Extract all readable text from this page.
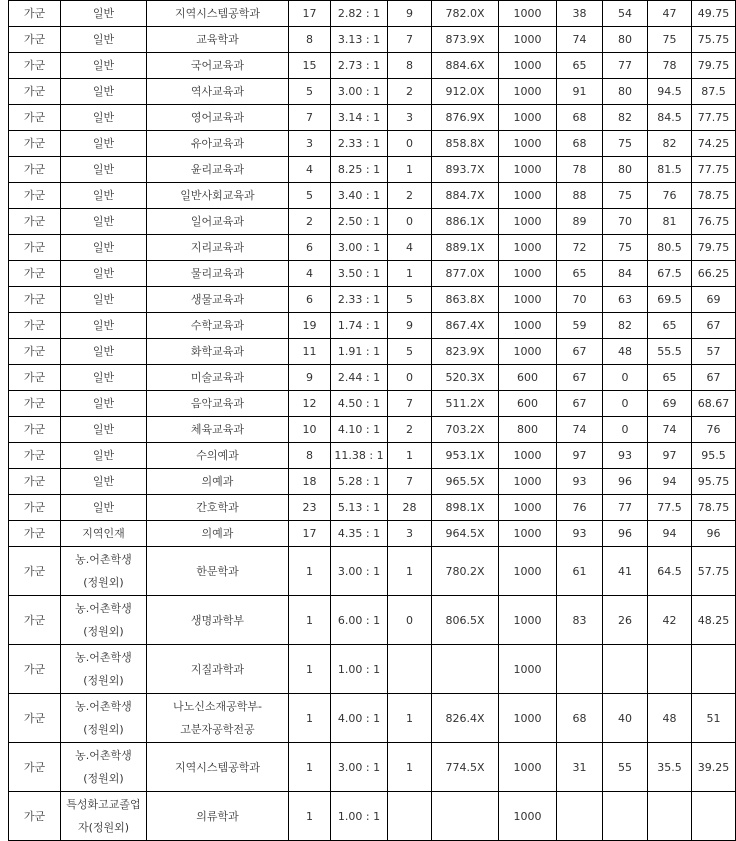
가군	일반	지역시스템공학과	17	2.82 : 1	9	782.0X	1000	38	54	47	49.75
가군	일반	교육학과	8	3.13 : 1	7	873.9X	1000	74	80	75	75.75
가군	일반	국어교육과	15	2.73 : 1	8	884.6X	1000	65	77	78	79.75
가군	일반	역사교육과	5	3.00 : 1	2	912.0X	1000	91	80	94.5	87.5
가군	일반	영어교육과	7	3.14 : 1	3	876.9X	1000	68	82	84.5	77.75
가군	일반	유아교육과	3	2.33 : 1	0	858.8X	1000	68	75	82	74.25
가군	일반	윤리교육과	4	8.25 : 1	1	893.7X	1000	78	80	81.5	77.75
가군	일반	일반사회교육과	5	3.40 : 1	2	884.7X	1000	88	75	76	78.75
가군	일반	일어교육과	2	2.50 : 1	0	886.1X	1000	89	70	81	76.75
가군	일반	지리교육과	6	3.00 : 1	4	889.1X	1000	72	75	80.5	79.75
가군	일반	물리교육과	4	3.50 : 1	1	877.0X	1000	65	84	67.5	66.25
가군	일반	생물교육과	6	2.33 : 1	5	863.8X	1000	70	63	69.5	69
가군	일반	수학교육과	19	1.74 : 1	9	867.4X	1000	59	82	65	67
가군	일반	화학교육과	11	1.91 : 1	5	823.9X	1000	67	48	55.5	57
가군	일반	미술교육과	9	2.44 : 1	0	520.3X	600	67	0	65	67
가군	일반	음악교육과	12	4.50 : 1	7	511.2X	600	67	0	69	68.67
가군	일반	체육교육과	10	4.10 : 1	2	703.2X	800	74	0	74	76
가군	일반	수의예과	8	11.38 : 1	1	953.1X	1000	97	93	97	95.5
가군	일반	의예과	18	5.28 : 1	7	965.5X	1000	93	96	94	95.75
가군	일반	간호학과	23	5.13 : 1	28	898.1X	1000	76	77	77.5	78.75
가군	지역인재	의예과	17	4.35 : 1	3	964.5X	1000	93	96	94	96
가군	농.어촌학생(정원외)	한문학과	1	3.00 : 1	1	780.2X	1000	61	41	64.5	57.75
가군	농.어촌학생(정원외)	생명과학부	1	6.00 : 1	0	806.5X	1000	83	26	42	48.25
가군	농.어촌학생(정원외)	지질과학과	1	1.00 : 1			1000				
가군	농.어촌학생(정원외)	나노신소재공학부-고분자공학전공	1	4.00 : 1	1	826.4X	1000	68	40	48	51
가군	농.어촌학생(정원외)	지역시스템공학과	1	3.00 : 1	1	774.5X	1000	31	55	35.5	39.25
가군	특성화고교졸업자(정원외)	의류학과	1	1.00 : 1			1000				
